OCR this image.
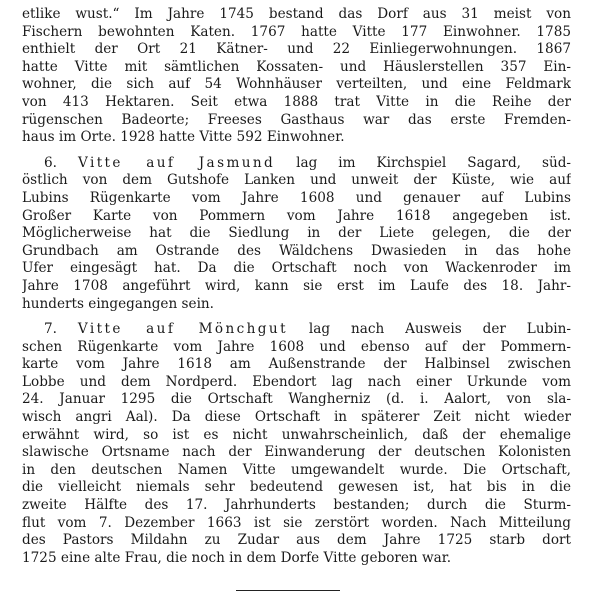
etlike wust.“ Im Jahre 1745 bestand das Dorf aus 31 meist von
Fischern bewohnten Katen. 1767 hatte Vitte 177 Einwohner. 1785
enthielt der Ort 21 Kätner- und 22 Einliegerwohnungen. 1867
hatte Vitte mit sämtlichen Kossaten- und Häuslerstellen 357 Ein-
wohner, die sich auf 54 Wohnhäuser verteilten, und eine Feldmark
von 413 Hektaren. Seit etwa 1888 trat Vitte in die Reihe der
rügenschen Badeorte; Freeses Gasthaus war das erste Fremden-
haus im Orte. 1928 hatte Vitte 592 Einwohner.

6. Vitte auf Jasmund lag im Kirchspiel Sagard, süd-
östlich von dem Gutshofe Lanken und unweit der Küste, wie auf
Lubins Rügenkarte vom Jahre 1608 und genauer auf Lubins
Großer Karte von Pommern vom Jahre 1618 angegeben ist.
Möglicherweise hat die Siedlung in der Liete gelegen, die der
Grundbach am Ostrande des Wäldchens Dwasieden in das hohe
Ufer eingesägt hat. Da die Ortschaft noch von Wackenroder im
Jahre 1708 angeführt wird, kann sie erst im Laufe des 18. Jahr-
hunderts eingegangen sein.

7. Vitte auf Mönchgut lag nach Ausweis der Lubin-
schen Rügenkarte vom Jahre 1608 und ebenso auf der Pommern-
karte vom Jahre 1618 am Außenstrande der Halbinsel zwischen
Lobbe und dem Nordperd. Ebendort lag nach einer Urkunde vom
24. Januar 1295 die Ortschaft Wangherniz (d. i. Aalort, von sla-
wisch angri Aal). Da diese Ortschaft in späterer Zeit nicht wieder
erwähnt wird, so ist es nicht unwahrscheinlich, daß der ehemalige
slawische Ortsname nach der Einwanderung der deutschen Kolonisten
in den deutschen Namen Vitte umgewandelt wurde. Die Ortschaft,
die vielleicht niemals sehr bedeutend gewesen ist, hat bis in die
zweite Hälfte des 17. Jahrhunderts bestanden; durch die Sturm-
flut vom 7. Dezember 1663 ist sie zerstört worden. Nach Mitteilung
des Pastors Mildahn zu Zudar aus dem Jahre 1725 starb dort
1725 eine alte Frau, die noch in dem Dorfe Vitte geboren war.
